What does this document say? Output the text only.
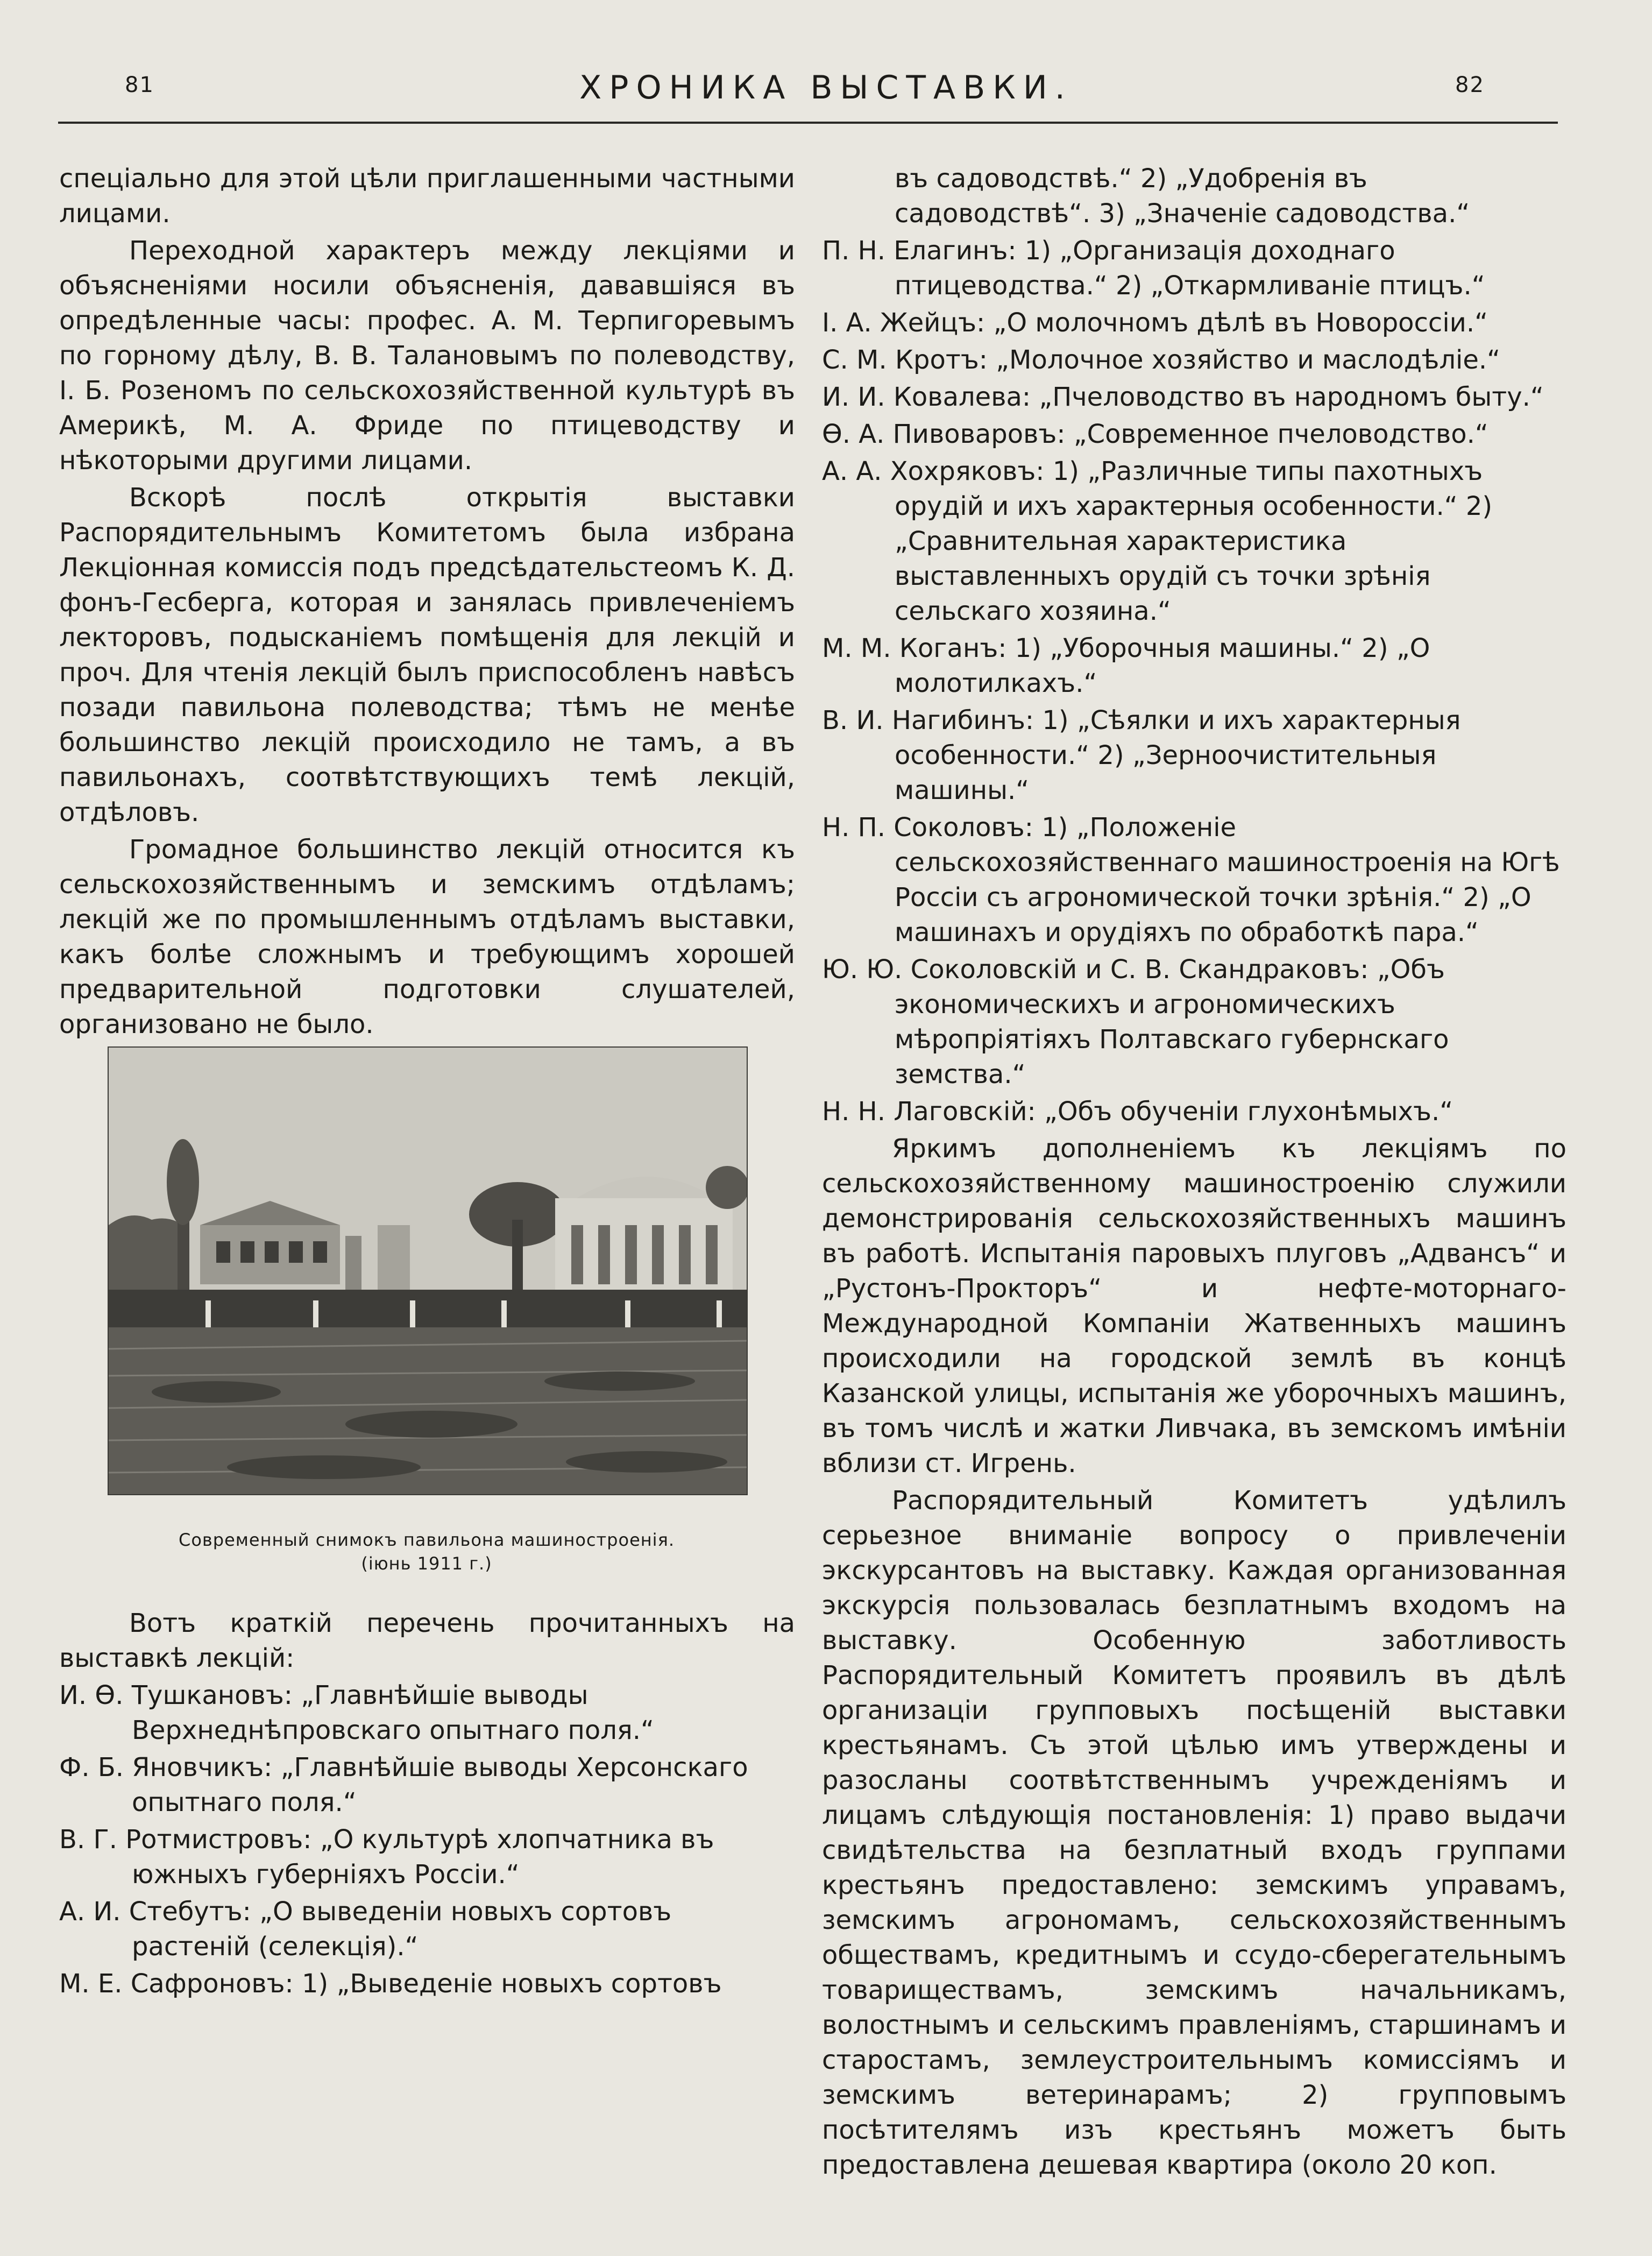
81	ХРОНИКА ВЫСТАВКИ.	82

спеціально для этой цѣли приглашенными частными лицами.

Переходной характеръ между лекціями и объясненіями носили объясненія, дававшіяся въ опредѣленные часы: профес. А. М. Терпигоревымъ по горному дѣлу, В. В. Талановымъ по полеводству, І. Б. Розеномъ по сельскохозяйственной культурѣ въ Америкѣ, М. А. Фриде по птицеводству и нѣкоторыми другими лицами.

Вскорѣ послѣ открытія выставки Распорядительнымъ Комитетомъ была избрана Лекціонная комиссія подъ предсѣдательстеомъ К. Д. фонъ-Гесберга, которая и занялась привлеченіемъ лекторовъ, подыcканіемъ помѣщенія для лекцій и проч. Для чтенія лекцій былъ приспособленъ навѣсъ позади павильона полеводства; тѣмъ не менѣе большинство лекцій происходило не тамъ, а въ павильонахъ, соотвѣтствующихъ темѣ лекцій, отдѣловъ.

Громадное большинство лекцій относится къ сельскохозяйственнымъ и земскимъ отдѣламъ; лекцій же по промышленнымъ отдѣламъ выставки, какъ болѣе сложнымъ и требующимъ хорошей предварительной подготовки слушателей, организовано не было.

Современный снимокъ павильона машиностроенія.
(іюнь 1911 г.)

Вотъ краткій перечень прочитанныхъ на выставкѣ лекцій:

И. Ѳ. Тушкановъ: „Главнѣйшіе выводы Верхнеднѣпровскаго опытнаго поля.“

Ф. Б. Яновчикъ: „Главнѣйшіе выводы Херсонскаго опытнаго поля.“

В. Г. Ротмистровъ: „О культурѣ хлопчатника въ южныхъ губерніяхъ Россіи.“

А. И. Стебутъ: „О выведеніи новыхъ сортовъ растеній (селекція).“

М. Е. Сафроновъ: 1) „Выведеніе новыхъ сортовъ

въ садоводствѣ.“ 2) „Удобренія въ садоводствѣ“. 3) „Значеніе садоводства.“

П. Н. Елагинъ: 1) „Организація доходнаго птицеводства.“ 2) „Откармливаніе птицъ.“

І. А. Жейцъ: „О молочномъ дѣлѣ въ Новороссіи.“

С. М. Кротъ: „Молочное хозяйство и маслодѣліе.“

И. И. Ковалева: „Пчеловодство въ народномъ быту.“

Ѳ. А. Пивоваровъ: „Современное пчеловодство.“

А. А. Хохряковъ: 1) „Различные типы пахотныхъ орудій и ихъ характерныя особенности.“ 2) „Сравнительная характеристика выставленныхъ орудій съ точки зрѣнія сельскаго хозяина.“

М. М. Коганъ: 1) „Уборочныя машины.“ 2) „О молотилкахъ.“

В. И. Нагибинъ: 1) „Сѣялки и ихъ характерныя особенности.“ 2) „Зерноочистительныя машины.“

Н. П. Соколовъ: 1) „Положеніе сельскохозяйственнаго машиностроенія на Югѣ Россіи съ агрономической точки зрѣнія.“ 2) „О машинахъ и орудіяхъ по обработкѣ пара.“

Ю. Ю. Соколовскій и С. В. Скандраковъ: „Объ экономическихъ и агрономическихъ мѣропріятіяхъ Полтавскаго губернскаго земства.“

Н. Н. Лаговскій: „Объ обученіи глухонѣмыхъ.“

Яркимъ дополненіемъ къ лекціямъ по сельскохозяйственному машиностроенію служили демонстрированія сельскохозяйственныхъ машинъ въ работѣ. Испытанія паровыхъ плуговъ „Адвансъ“ и „Рустонъ-Прокторъ“ и нефте-моторнаго-Международной Компаніи Жатвенныхъ машинъ происходили на городской землѣ въ концѣ Казанской улицы, испытанія же уборочныхъ машинъ, въ томъ числѣ и жатки Ливчака, въ земскомъ имѣніи вблизи ст. Игрень.

Распорядительный Комитетъ удѣлилъ серьезное вниманіе вопросу о привлеченіи экскурсантовъ на выставку. Каждая организованная экскурсія пользовалась безплатнымъ входомъ на выставку. Особенную заботливость Распорядительный Комитетъ проявилъ въ дѣлѣ организаціи групповыхъ посѣщеній выставки крестьянамъ. Съ этой цѣлью имъ утверждены и разосланы соотвѣтственнымъ учрежденіямъ и лицамъ слѣдующія постановленія: 1) право выдачи свидѣтельства на безплатный входъ группами крестьянъ предоставлено: земскимъ управамъ, земскимъ агрономамъ, сельскохозяйственнымъ обществамъ, кредитнымъ и ссудо-сберегательнымъ товариществамъ, земскимъ начальникамъ, волостнымъ и сельскимъ правленіямъ, старшинамъ и старостамъ, землеустроительнымъ комиссіямъ и земскимъ ветеринарамъ; 2) групповымъ посѣтителямъ изъ крестьянъ можетъ быть предоставлена дешевая квартира (около 20 коп.
